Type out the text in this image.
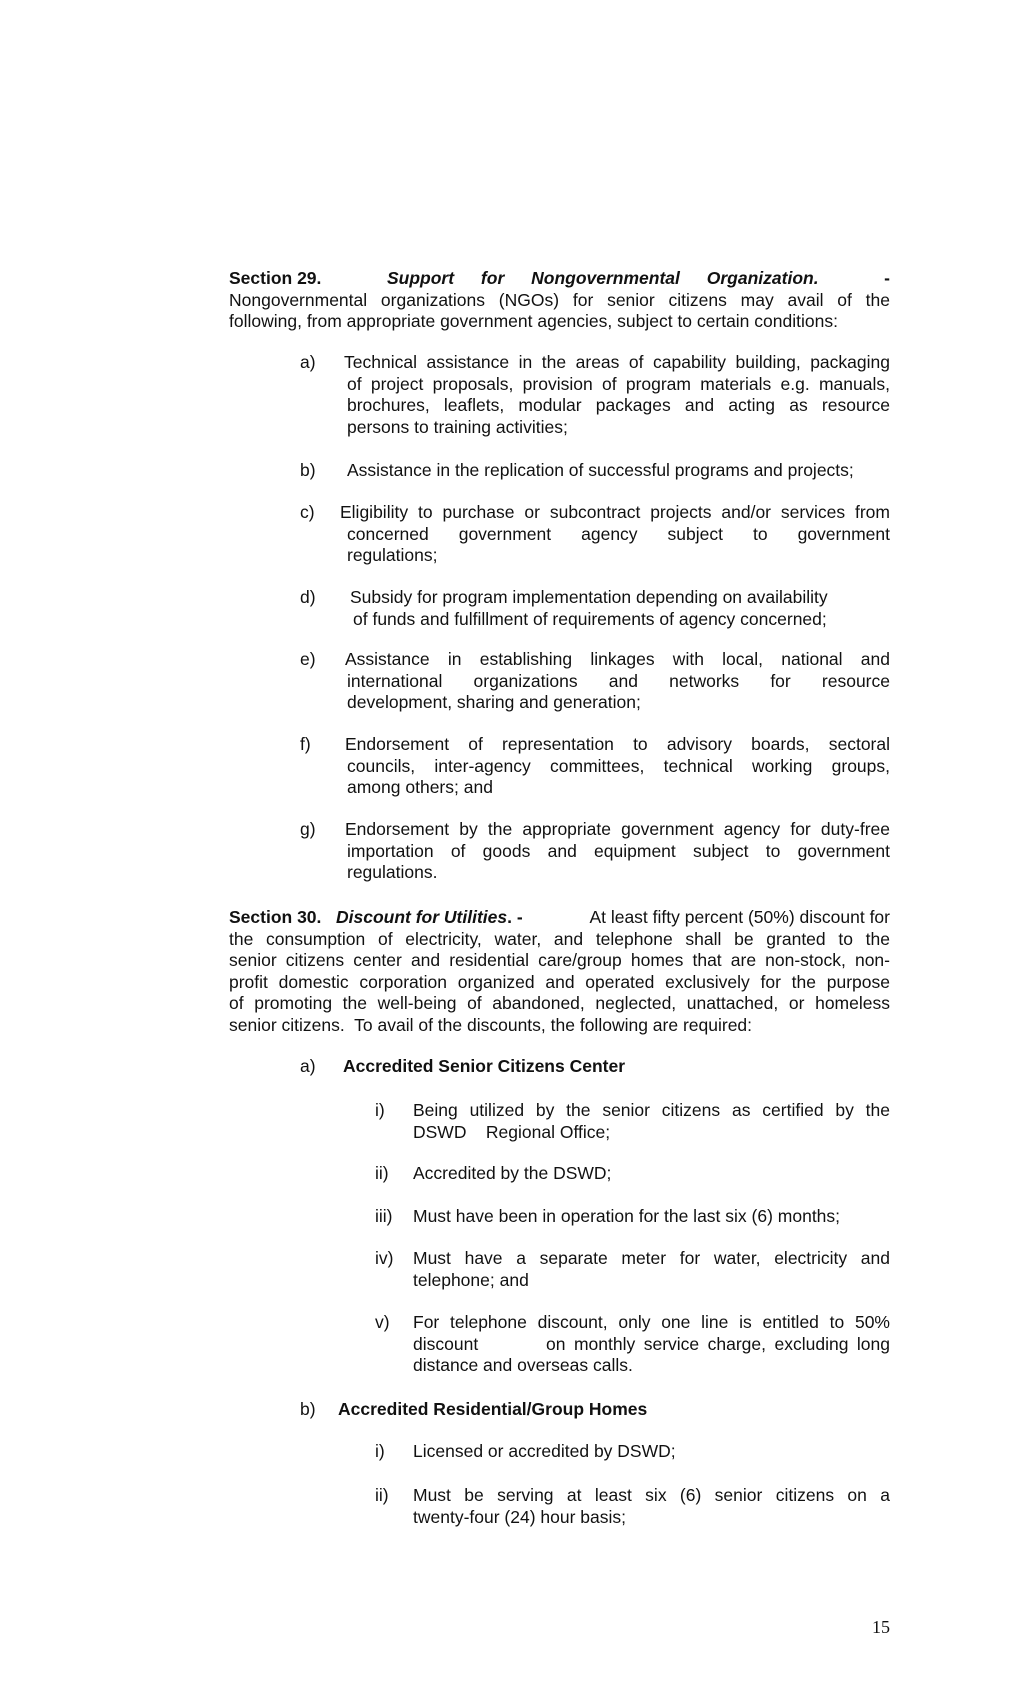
Section 29.	Support for Nongovernmental Organization.	-
Nongovernmental organizations (NGOs) for senior citizens may avail of the
following, from appropriate government agencies, subject to certain conditions:
a) Technical assistance in the areas of capability building, packaging
of project proposals, provision of program materials e.g. manuals,
brochures, leaflets, modular packages and acting as resource
persons to training activities;
b) Assistance in the replication of successful programs and projects;
c) Eligibility to purchase or subcontract projects and/or services from
concerned government agency subject to government
regulations;
d) Subsidy for program implementation depending on availability
of funds and fulfillment of requirements of agency concerned;
e) Assistance in establishing linkages with local, national and
international organizations and networks for resource
development, sharing and generation;
f) Endorsement of representation to advisory boards, sectoral
councils, inter-agency committees, technical working groups,
among others; and
g) Endorsement by the appropriate government agency for duty-free
importation of goods and equipment subject to government
regulations.
Section 30. Discount for Utilities. -	At least fifty percent (50%) discount for
the consumption of electricity, water, and telephone shall be granted to the
senior citizens center and residential care/group homes that are non-stock, non-
profit domestic corporation organized and operated exclusively for the purpose
of promoting the well-being of abandoned, neglected, unattached, or homeless
senior citizens.  To avail of the discounts, the following are required:
a) Accredited Senior Citizens Center
i) Being utilized by the senior citizens as certified by the
DSWD    Regional Office;
ii) Accredited by the DSWD;
iii) Must have been in operation for the last six (6) months;
iv) Must have a separate meter for water, electricity and
telephone; and
v) For telephone discount, only one line is entitled to 50%
discount        on monthly service charge, excluding long
distance and overseas calls.
b) Accredited Residential/Group Homes
i) Licensed or accredited by DSWD;
ii) Must be serving at least six (6) senior citizens on a
twenty-four (24) hour basis;
15
